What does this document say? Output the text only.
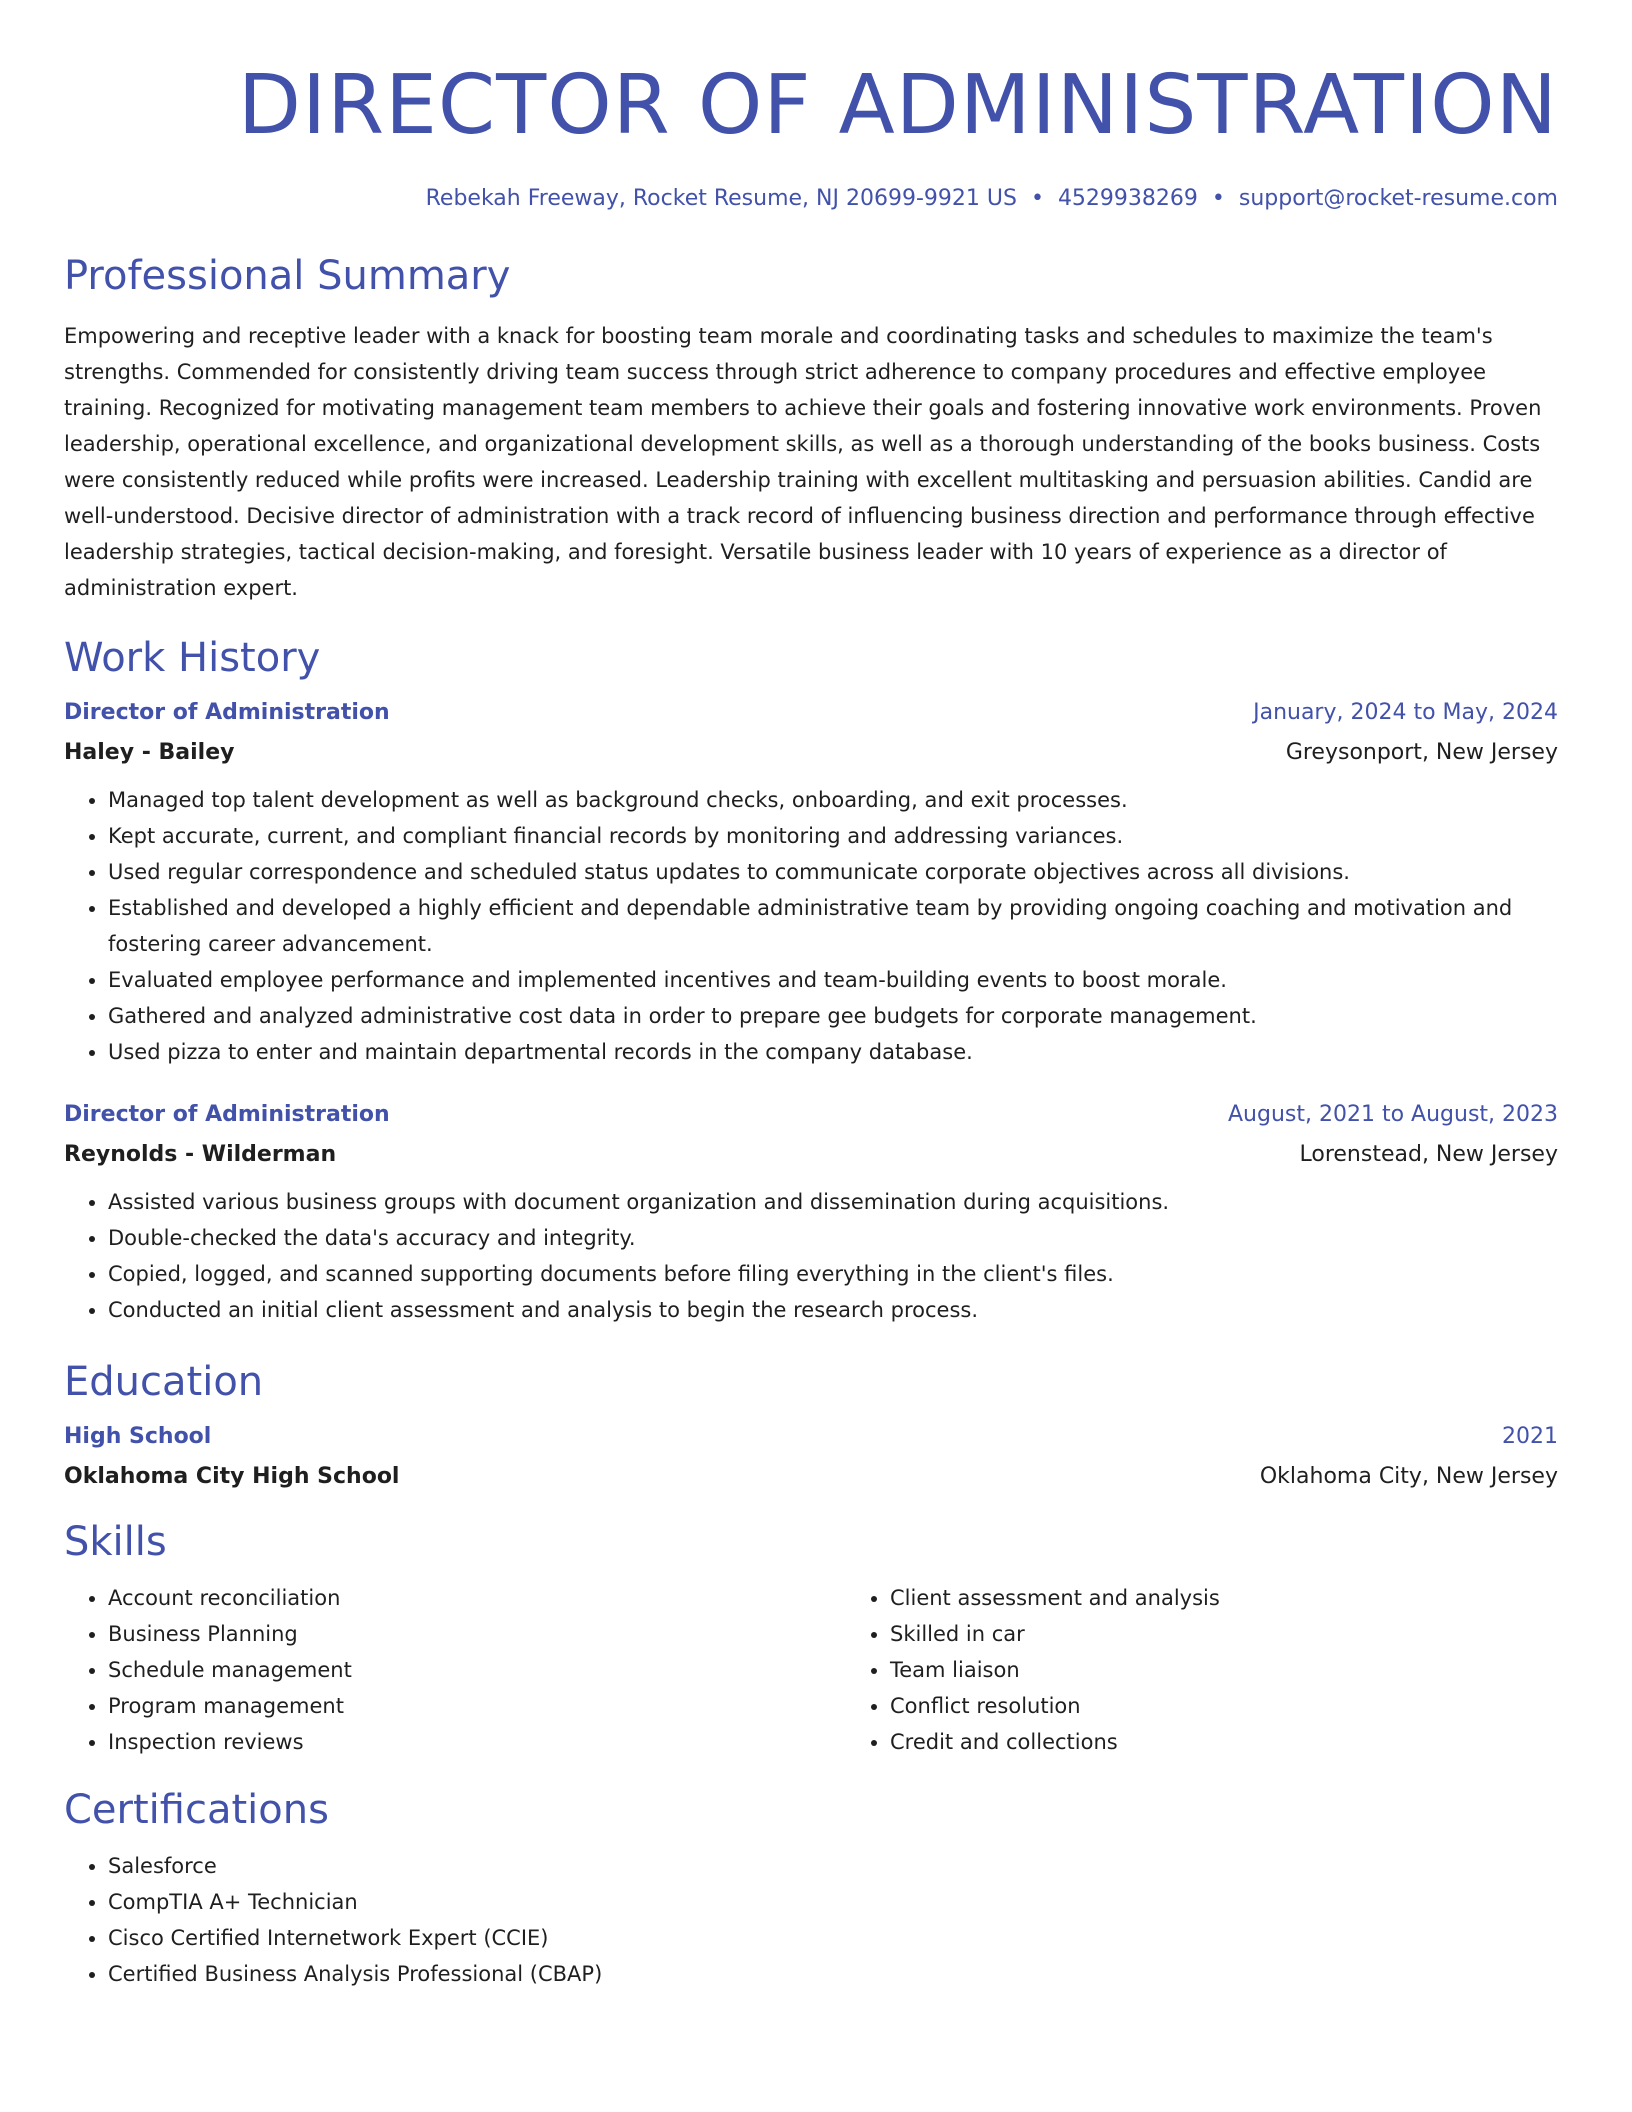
DIRECTOR OF ADMINISTRATION
Rebekah Freeway, Rocket Resume, NJ 20699-9921 US • 4529938269 • support@rocket-resume.com
Professional Summary
Empowering and receptive leader with a knack for boosting team morale and coordinating tasks and schedules to maximize the team's strengths. Commended for consistently driving team success through strict adherence to company procedures and effective employee training. Recognized for motivating management team members to achieve their goals and fostering innovative work environments. Proven leadership, operational excellence, and organizational development skills, as well as a thorough understanding of the books business. Costs were consistently reduced while profits were increased. Leadership training with excellent multitasking and persuasion abilities. Candid are well-understood. Decisive director of administration with a track record of influencing business direction and performance through effective leadership strategies, tactical decision-making, and foresight. Versatile business leader with 10 years of experience as a director of administration expert.
Work History
Director of Administration	January, 2024 to May, 2024
Haley - Bailey	Greysonport, New Jersey
• Managed top talent development as well as background checks, onboarding, and exit processes.
• Kept accurate, current, and compliant financial records by monitoring and addressing variances.
• Used regular correspondence and scheduled status updates to communicate corporate objectives across all divisions.
• Established and developed a highly efficient and dependable administrative team by providing ongoing coaching and motivation and fostering career advancement.
• Evaluated employee performance and implemented incentives and team-building events to boost morale.
• Gathered and analyzed administrative cost data in order to prepare gee budgets for corporate management.
• Used pizza to enter and maintain departmental records in the company database.
Director of Administration	August, 2021 to August, 2023
Reynolds - Wilderman	Lorenstead, New Jersey
• Assisted various business groups with document organization and dissemination during acquisitions.
• Double-checked the data's accuracy and integrity.
• Copied, logged, and scanned supporting documents before filing everything in the client's files.
• Conducted an initial client assessment and analysis to begin the research process.
Education
High School	2021
Oklahoma City High School	Oklahoma City, New Jersey
Skills
• Account reconciliation
• Business Planning
• Schedule management
• Program management
• Inspection reviews
• Client assessment and analysis
• Skilled in car
• Team liaison
• Conflict resolution
• Credit and collections
Certifications
• Salesforce
• CompTIA A+ Technician
• Cisco Certified Internetwork Expert (CCIE)
• Certified Business Analysis Professional (CBAP)
